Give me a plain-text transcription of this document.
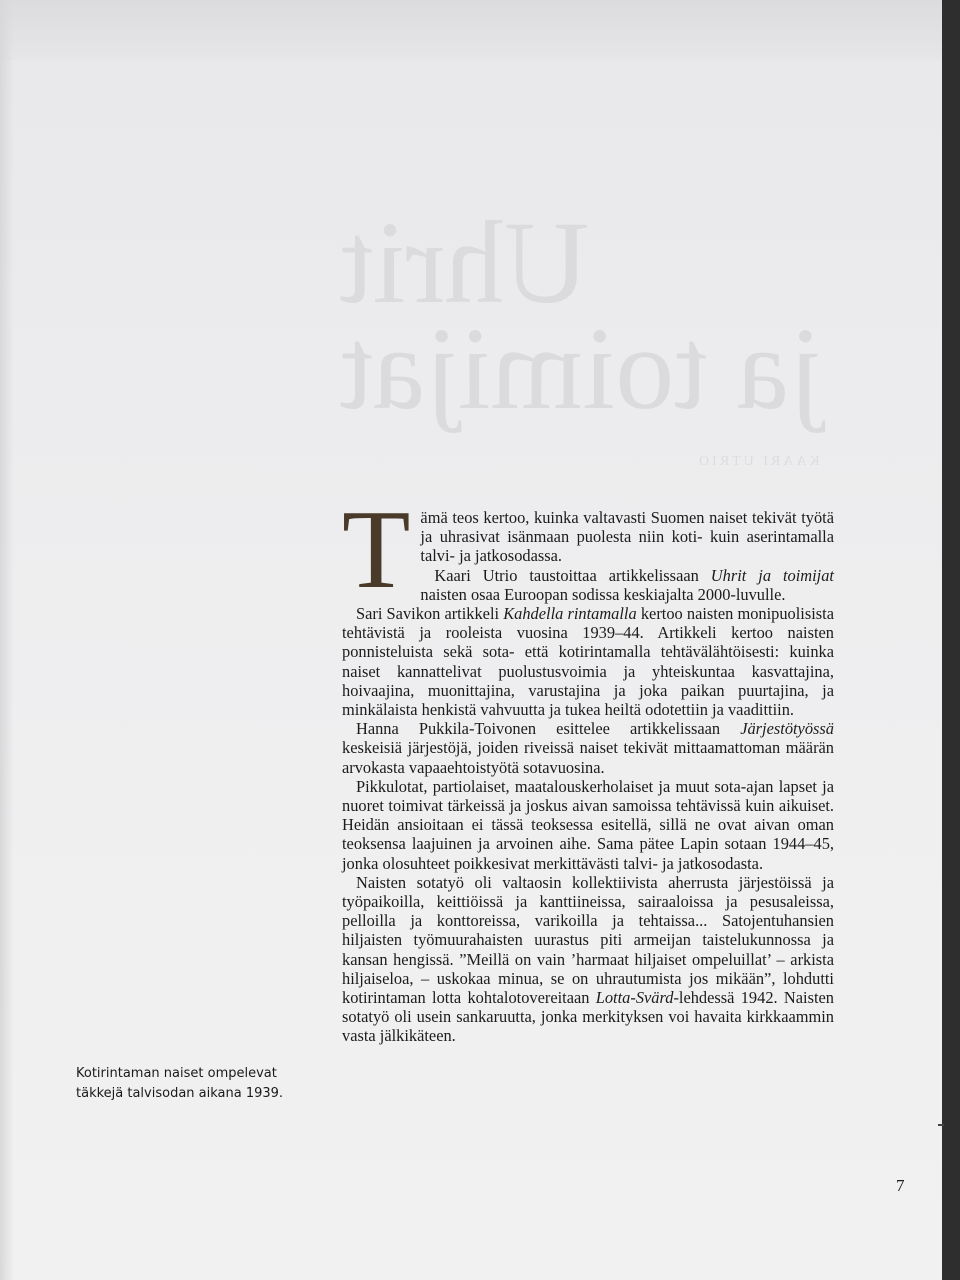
Uhrit
ja toimijat
KAARI UTRIO

Tämä teos kertoo, kuinka valtavasti Suomen naiset tekivät työtä ja uhrasivat isänmaan puolesta niin koti- kuin aserintamalla talvi- ja jatkosodassa.

Kaari Utrio taustoittaa artikkelissaan Uhrit ja toimijat naisten osaa Euroopan sodissa keskiajalta 2000-luvulle.

Sari Savikon artikkeli Kahdella rintamalla kertoo naisten monipuolisista tehtävistä ja rooleista vuosina 1939–44. Artikkeli kertoo naisten ponnisteluista sekä sota- että kotirintamalla tehtävälähtöisesti: kuinka naiset kannattelivat puolustusvoimia ja yhteiskuntaa kasvattajina, hoivaajina, muonittajina, varustajina ja joka paikan puurtajina, ja minkälaista henkistä vahvuutta ja tukea heiltä odotettiin ja vaadittiin.

Hanna Pukkila-Toivonen esittelee artikkelissaan Järjestötyössä keskeisiä järjestöjä, joiden riveissä naiset tekivät mittaamattoman määrän arvokasta vapaaehtoistyötä sotavuosina.

Pikkulotat, partiolaiset, maatalouskerholaiset ja muut sota-ajan lapset ja nuoret toimivat tärkeissä ja joskus aivan samoissa tehtävissä kuin aikuiset. Heidän ansioitaan ei tässä teoksessa esitellä, sillä ne ovat aivan oman teoksensa laajuinen ja arvoinen aihe. Sama pätee Lapin sotaan 1944–45, jonka olosuhteet poikkesivat merkittävästi talvi- ja jatkosodasta.

Naisten sotatyö oli valtaosin kollektiivista aherrusta järjestöissä ja työpaikoilla, keittiöissä ja kanttiineissa, sairaaloissa ja pesusaleissa, pelloilla ja konttoreissa, varikoilla ja tehtaissa... Satojentuhansien hiljaisten työmuurahaisten uurastus piti armeijan taistelukunnossa ja kansan hengissä. ”Meillä on vain ’harmaat hiljaiset ompeluillat’ – arkista hiljaiseloa, – uskokaa minua, se on uhrautumista jos mikään”, lohdutti kotirintaman lotta kohtalotovereitaan Lotta-Svärd-lehdessä 1942. Naisten sotatyö oli usein sankaruutta, jonka merkityksen voi havaita kirkkaammin vasta jälkikäteen.

Kotirintaman naiset ompelevat täkkejä talvisodan aikana 1939.
7
